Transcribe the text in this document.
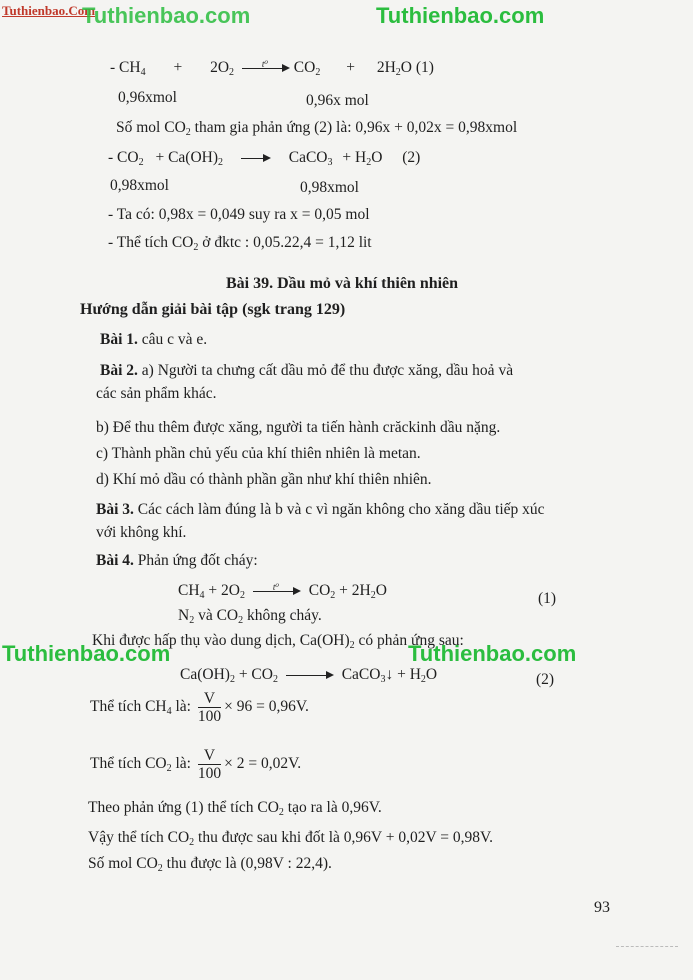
Tuthienbao.Com
Tuthienbao.com	Tuthienbao.com
Tuthienbao.com	Tuthienbao.com
- $CH_4 + 2O_2$
t⁰ $CO_2 + 2H_2O$ (1)
0,96xmol	0,96x mol
Số mol $CO_2$ tham gia phản ứng (2) là: 0,96x + 0,02x = 0,98xmol
- $CO_2 + Ca(OH)_2$	CaCO$_3$ + $H_2O$ (2)
0,98xmol	0,98xmol
- Ta có: 0,98x = 0,049 suy ra x = 0,05 mol
- Thể tích $CO_2$ ở đktc : 0,05.22,4 = 1,12 lit
Bài 39. Dầu mỏ và khí thiên nhiên
Hướng dẫn giải bài tập (sgk trang 129)
Bài 1. câu c và e.
Bài 2. a) Người ta chưng cất dầu mỏ để thu được xăng, dầu hoả và
các sản phẩm khác.
b) Để thu thêm được xăng, người ta tiến hành crăckinh dầu nặng.
c) Thành phần chủ yếu của khí thiên nhiên là metan.
d) Khí mỏ dầu có thành phần gần như khí thiên nhiên.
Bài 3. Các cách làm đúng là b và c vì ngăn không cho xăng dầu tiếp xúc
với không khí.
Bài 4. Phản ứng đốt cháy:
$CH_4 + 2O_2$
t⁰ $CO_2 + 2H_2O$	(1)
$N_2$ và $CO_2$ không cháy.
Khi được hấp thụ vào dung dịch, $Ca(OH)_2$ có phản ứng sau:
$Ca(OH)_2 + CO_2$	CaCO$_3$↓ + $H_2O$	(2)
Thể tích $CH_4$ là: $\frac{V}{100} \times 96 = 0,96V$.
Thể tích $CO_2$ là: $\frac{V}{100} \times 2 = 0,02V$.
Theo phản ứng (1) thể tích $CO_2$ tạo ra là 0,96V.
Vậy thể tích $CO_2$ thu được sau khi đốt là 0,96V + 0,02V = 0,98V.
Số mol $CO_2$ thu được là (0,98V : 22,4).
93
